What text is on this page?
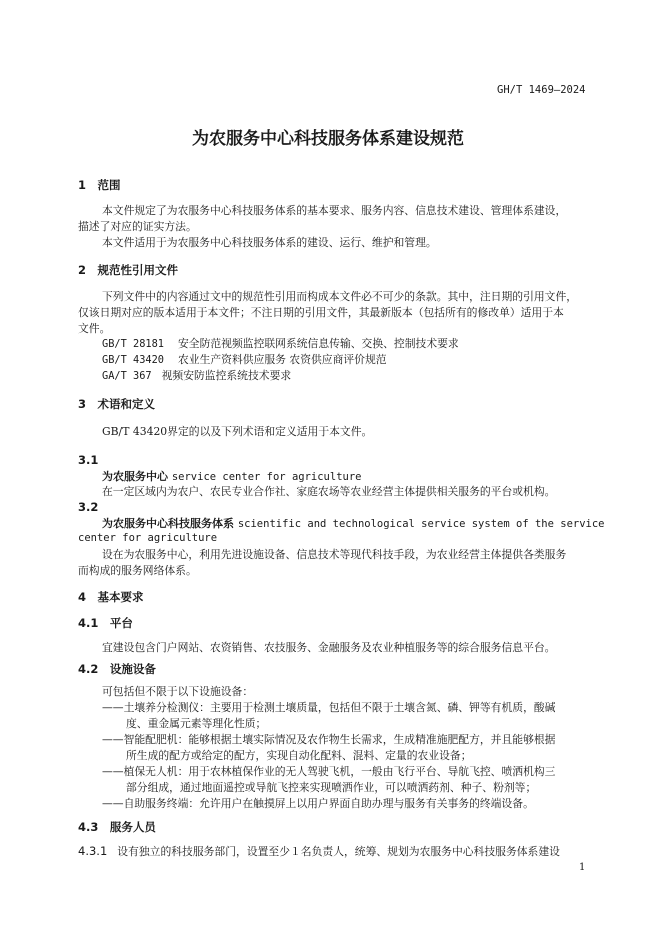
GH/T 1469—2024
为农服务中心科技服务体系建设规范
1　范围
本文件规定了为农服务中心科技服务体系的基本要求、服务内容、信息技术建设、管理体系建设，
描述了对应的证实方法。
本文件适用于为农服务中心科技服务体系的建设、运行、维护和管理。
2　规范性引用文件
下列文件中的内容通过文中的规范性引用而构成本文件必不可少的条款。其中，注日期的引用文件，
仅该日期对应的版本适用于本文件；不注日期的引用文件，其最新版本（包括所有的修改单）适用于本
文件。
GB/T 28181 安全防范视频监控联网系统信息传输、交换、控制技术要求
GB/T 43420 农业生产资料供应服务 农资供应商评价规范
GA/T 367 视频安防监控系统技术要求
3　术语和定义
GB/T 43420界定的以及下列术语和定义适用于本文件。
3.1
为农服务中心 service center for agriculture
在一定区域内为农户、农民专业合作社、家庭农场等农业经营主体提供相关服务的平台或机构。
3.2
为农服务中心科技服务体系 scientific and technological service system of the service
center for agriculture
设在为农服务中心，利用先进设施设备、信息技术等现代科技手段，为农业经营主体提供各类服务
而构成的服务网络体系。
4　基本要求
4.1　平台
宜建设包含门户网站、农资销售、农技服务、金融服务及农业种植服务等的综合服务信息平台。
4.2　设施设备
可包括但不限于以下设施设备：
——土壤养分检测仪：主要用于检测土壤质量，包括但不限于土壤含氮、磷、钾等有机质，酸碱
度、重金属元素等理化性质；
——智能配肥机：能够根据土壤实际情况及农作物生长需求，生成精准施肥配方，并且能够根据
所生成的配方或给定的配方，实现自动化配料、混料、定量的农业设备；
——植保无人机：用于农林植保作业的无人驾驶飞机，一般由飞行平台、导航飞控、喷洒机构三
部分组成，通过地面遥控或导航飞控来实现喷洒作业，可以喷洒药剂、种子、粉剂等；
——自助服务终端：允许用户在触摸屏上以用户界面自助办理与服务有关事务的终端设备。
4.3　服务人员
4.3.1 设有独立的科技服务部门，设置至少１名负责人，统筹、规划为农服务中心科技服务体系建设
1
